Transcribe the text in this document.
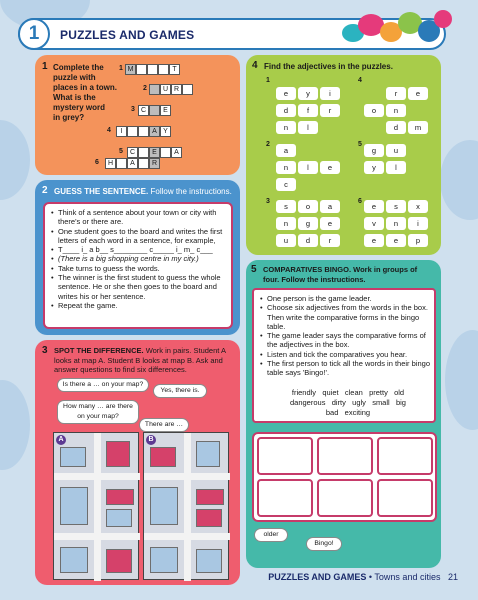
1	PUZZLES AND GAMES
1 Complete the
puzzle with
places in a town.
What is the
mystery word
in grey?
1 M	T
2	U R
3 C	E
4	I	A Y
5	C	E	A
6	H	A	R
2 GUESS THE SENTENCE. Follow the instructions.
• Think of a sentence about your town or city with there's or there are.
• One student goes to the board and writes the first letters of each word in a sentence, for example,
• T____ i_ a b__ s________ c_____ i_ m_ c___
• (There is a big shopping centre in my city.)
• Take turns to guess the words.
• The winner is the first student to guess the whole sentence. He or she then goes to the board and writes his or her sentence.
• Repeat the game.
3 SPOT THE DIFFERENCE. Work in pairs. Student A looks at map A. Student B looks at map B. Ask and answer questions to find six differences.
Is there a … on your map?
Yes, there is.
How many … are there on your map?
There are …
A	B
4 Find the adjectives in the puzzles.
1
e	y	i
d	f	r
n	l
4
r	e
o	n
d	m
2
a
n	l	e
c
5
g	u
y	l
3
s	o	a
n	g	e
u	d	r
6
e	s	x
v	n	i
e	e	p
5 COMPARATIVES BINGO. Work in groups of four. Follow the instructions.
• One person is the game leader.
• Choose six adjectives from the words in the box. Then write the comparative forms in the bingo table.
• The game leader says the comparative forms of the adjectives in the box.
• Listen and tick the comparatives you hear.
• The first person to tick all the words in their bingo table says 'Bingo!'.
friendly quiet clean pretty old
dangerous dirty ugly small big
bad exciting
older
Bingo!
PUZZLES AND GAMES • Towns and cities 21
